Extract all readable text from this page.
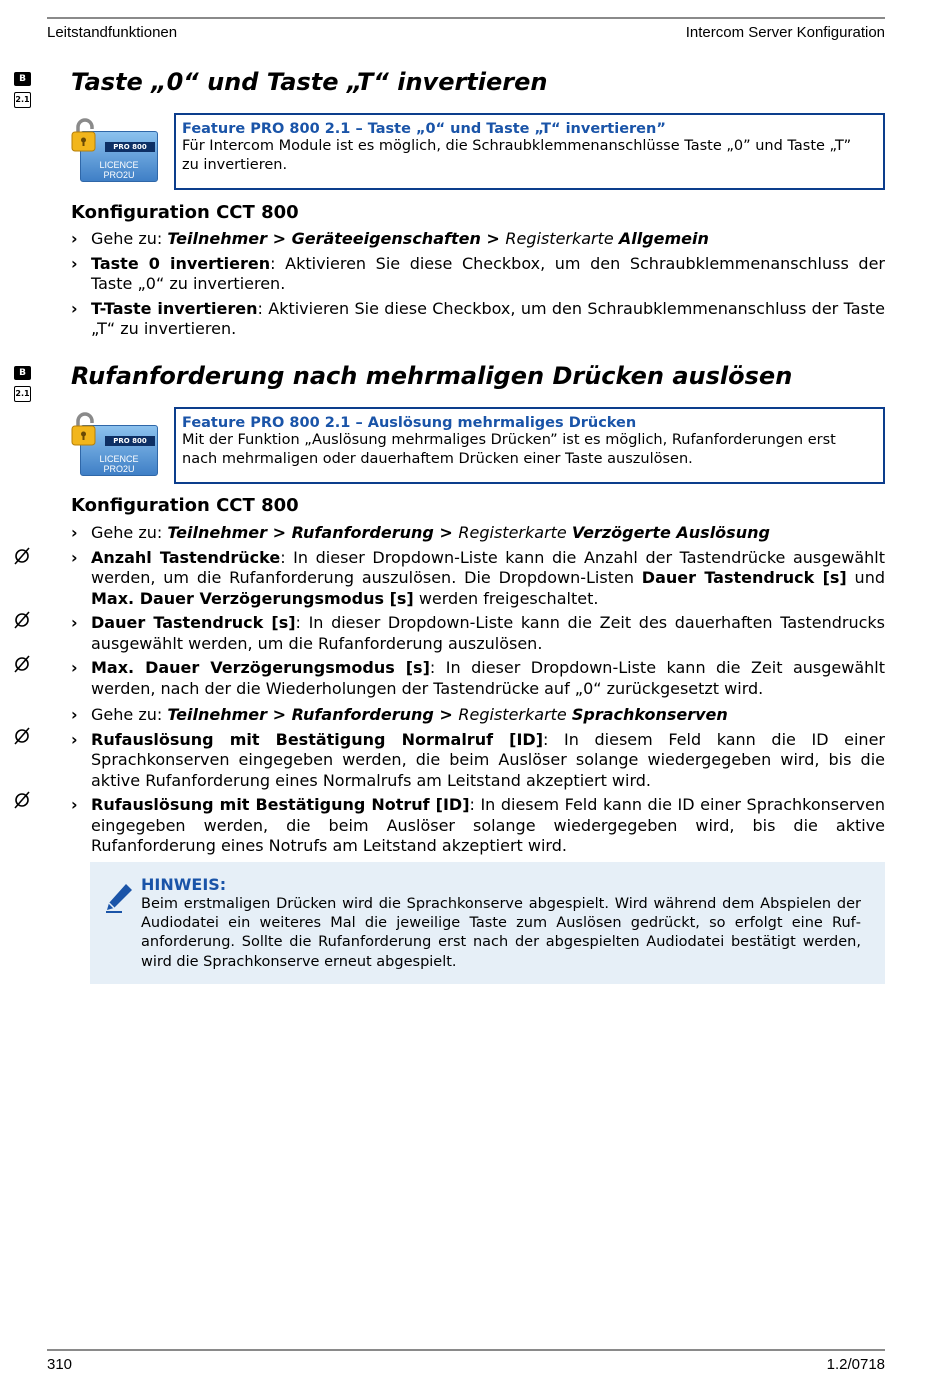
Leitstandfunktionen	Intercom Server Konfiguration
B
2.1
Taste „0“ und Taste „T“ invertieren
PRO 800
LICENCE PRO2U
Feature PRO 800 2.1 – Taste „0“ und Taste „T“ invertieren”
Für Intercom Module ist es möglich, die Schraubklemmenanschlüsse Taste „0” und Taste „T” zu invertieren.
Konfiguration CCT 800
› Gehe zu: Teilnehmer > Geräteeigenschaften > Registerkarte Allgemein
› Taste 0 invertieren: Aktivieren Sie diese Checkbox, um den Schraubklemmenanschluss der Taste „0“ zu invertieren.
› T-Taste invertieren: Aktivieren Sie diese Checkbox, um den Schraubklemmenanschluss der Taste „T“ zu invertieren.
B
2.1
Rufanforderung nach mehrmaligen Drücken auslösen
PRO 800
LICENCE PRO2U
Feature PRO 800 2.1 – Auslösung mehrmaliges Drücken
Mit der Funktion „Auslösung mehrmaliges Drücken” ist es möglich, Rufanforderungen erst nach mehrmaligen oder dauerhaftem Drücken einer Taste auszulösen.
Konfiguration CCT 800
› Gehe zu: Teilnehmer > Rufanforderung > Registerkarte Verzögerte Auslösung
› Anzahl Tastendrücke: In dieser Dropdown-Liste kann die Anzahl der Tastendrücke ausgewählt werden, um die Rufanforderung auszulösen. Die Dropdown-Listen Dauer Tastendruck [s] und Max. Dauer Verzögerungsmodus [s] werden freigeschaltet.
› Dauer Tastendruck [s]: In dieser Dropdown-Liste kann die Zeit des dauerhaften Tastendrucks ausgewählt werden, um die Rufanforderung auszulösen.
› Max. Dauer Verzögerungsmodus [s]: In dieser Dropdown-Liste kann die Zeit ausgewählt werden, nach der die Wiederholungen der Tastendrücke auf „0“ zurückgesetzt wird.
› Gehe zu: Teilnehmer > Rufanforderung > Registerkarte Sprachkonserven
› Rufauslösung mit Bestätigung Normalruf [ID]: In diesem Feld kann die ID einer Sprachkonserven eingegeben werden, die beim Auslöser solange wiedergegeben wird, bis die aktive Rufanforderung eines Normalrufs am Leitstand akzeptiert wird.
› Rufauslösung mit Bestätigung Notruf [ID]: In diesem Feld kann die ID einer Sprachkonserven eingegeben werden, die beim Auslöser solange wiedergegeben wird, bis die aktive Rufanforderung eines Notrufs am Leitstand akzeptiert wird.
HINWEIS:
Beim erstmaligen Drücken wird die Sprachkonserve abgespielt. Wird während dem Abspielen der Audiodatei ein weiteres Mal die jeweilige Taste zum Auslösen gedrückt, so erfolgt eine Rufanforderung. Sollte die Rufanforderung erst nach der abgespielten Audiodatei bestätigt werden, wird die Sprachkonserve erneut abgespielt.
310	1.2/0718
